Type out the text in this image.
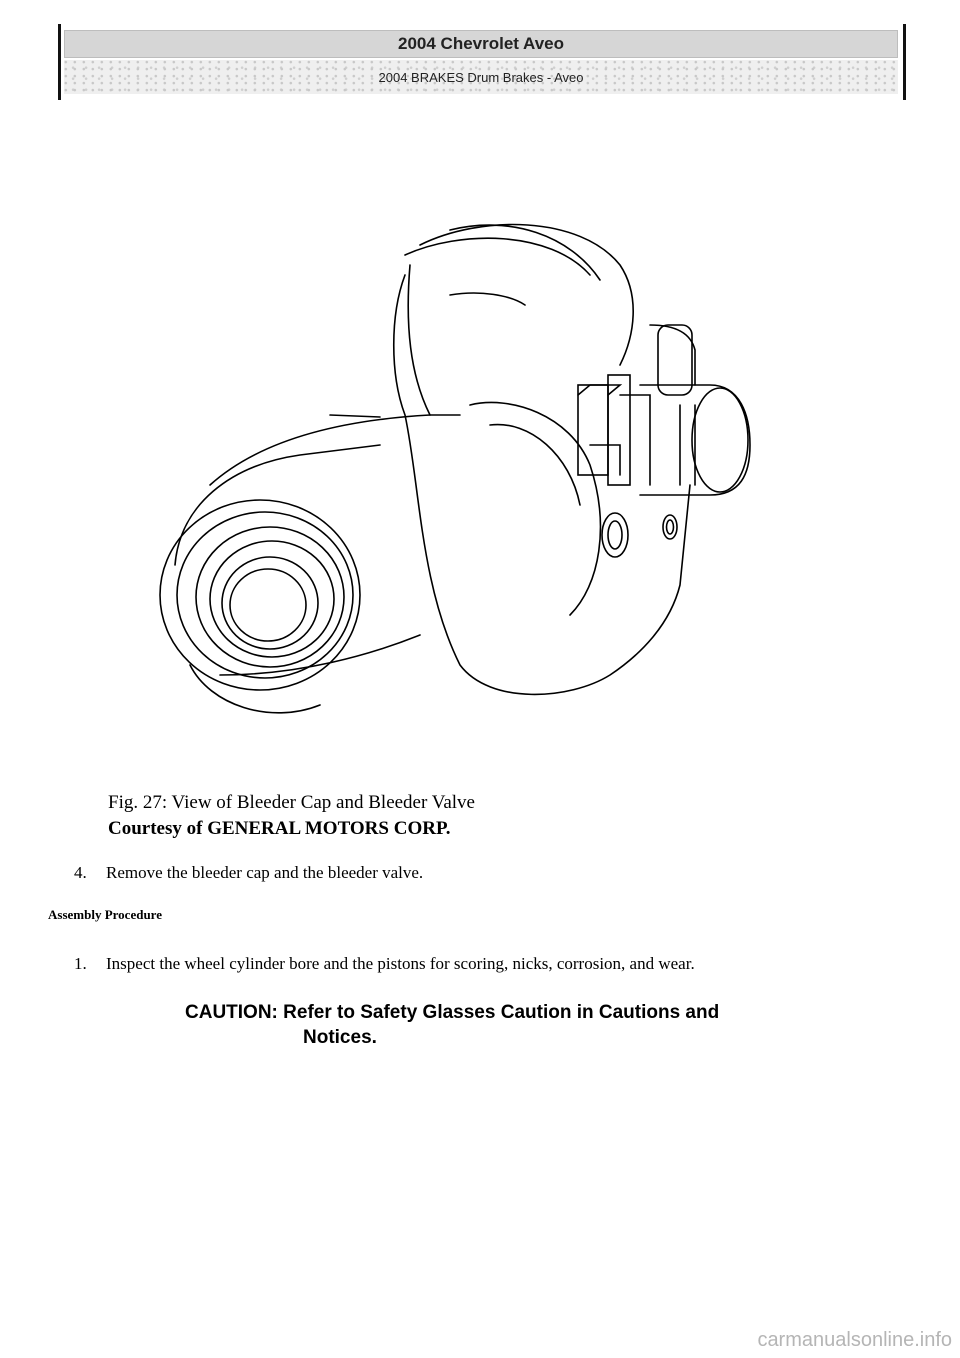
2004 Chevrolet Aveo
2004 BRAKES Drum Brakes - Aveo
Fig. 27: View of Bleeder Cap and Bleeder Valve
Courtesy of GENERAL MOTORS CORP.
4. Remove the bleeder cap and the bleeder valve.
Assembly Procedure
1. Inspect the wheel cylinder bore and the pistons for scoring, nicks, corrosion, and wear.
CAUTION: Refer to Safety Glasses Caution in Cautions and
Notices.
carmanualsonline.info
